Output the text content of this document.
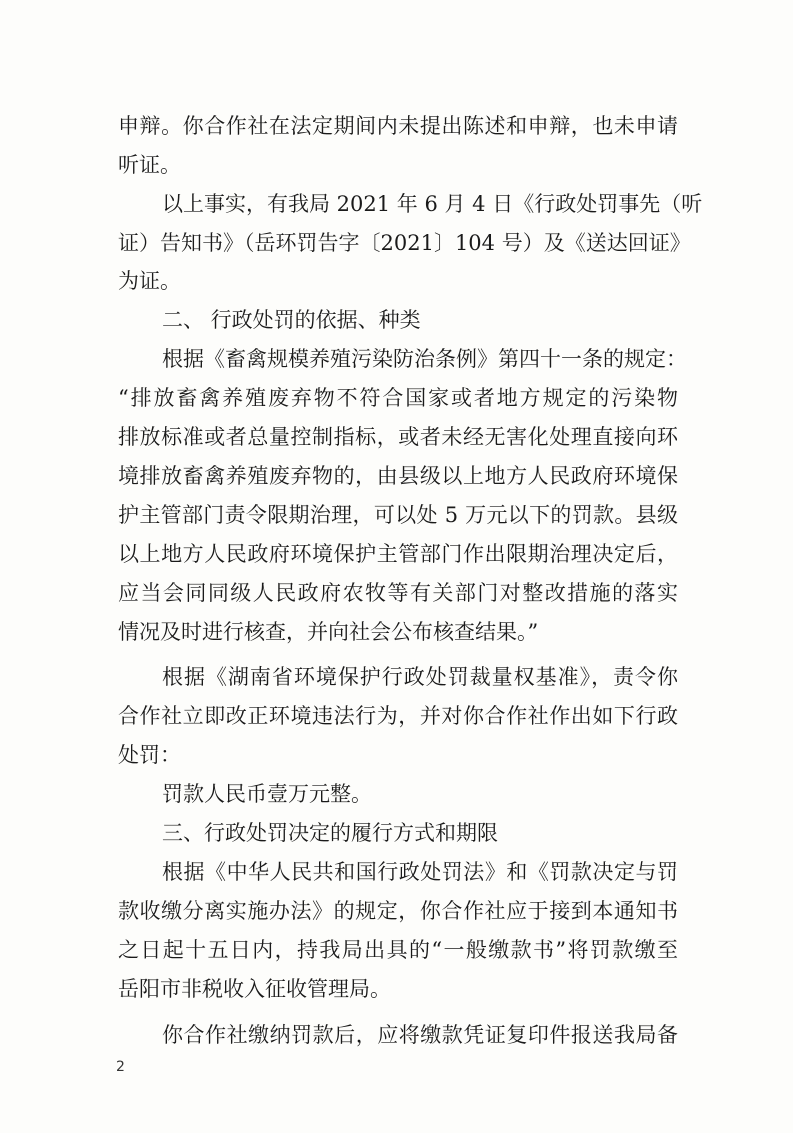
申辩。你合作社在法定期间内未提出陈述和申辩，也未申请
听证。
以上事实，有我局 2021 年 6 月 4 日《行政处罚事先（听
证）告知书》（岳环罚告字〔2021〕104 号）及《送达回证》
为证。
二、 行政处罚的依据、种类
根据《畜禽规模养殖污染防治条例》第四十一条的规定：
“排放畜禽养殖废弃物不符合国家或者地方规定的污染物
排放标准或者总量控制指标，或者未经无害化处理直接向环
境排放畜禽养殖废弃物的，由县级以上地方人民政府环境保
护主管部门责令限期治理，可以处 5 万元以下的罚款。县级
以上地方人民政府环境保护主管部门作出限期治理决定后，
应当会同同级人民政府农牧等有关部门对整改措施的落实
情况及时进行核查，并向社会公布核查结果。”
根据《湖南省环境保护行政处罚裁量权基准》，责令你
合作社立即改正环境违法行为，并对你合作社作出如下行政
处罚：
罚款人民币壹万元整。
三、行政处罚决定的履行方式和期限
根据《中华人民共和国行政处罚法》和《罚款决定与罚
款收缴分离实施办法》的规定，你合作社应于接到本通知书
之日起十五日内，持我局出具的“一般缴款书”将罚款缴至
岳阳市非税收入征收管理局。
你合作社缴纳罚款后，应将缴款凭证复印件报送我局备
2
